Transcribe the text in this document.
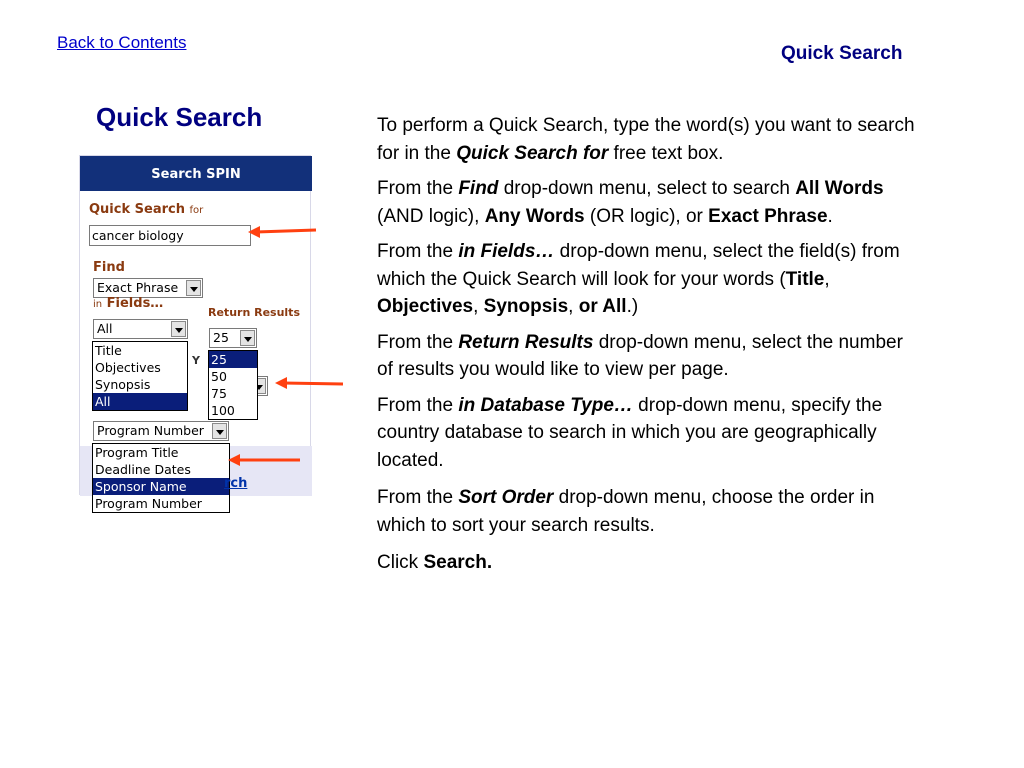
Back to Contents
Quick Search
Quick Search
Search SPIN
Quick Search for
cancer biology
Find
Exact Phrase
in Fields…
Return Results
All
25
Title
Objectives
Synopsis
All
Y 25
50
75
100
Program Number
Program Title
Deadline Dates
Sponsor Name
Program Number
rch

To perform a Quick Search, type the word(s) you want to search for in the Quick Search for free text box.

From the Find drop-down menu, select to search All Words (AND logic), Any Words (OR logic), or Exact Phrase.

From the in Fields… drop-down menu, select the field(s) from which the Quick Search will look for your words (Title, Objectives, Synopsis, or All.)

From the Return Results drop-down menu, select the number of results you would like to view per page.

From the in Database Type… drop-down menu, specify the country database to search in which you are geographically located.

From the Sort Order drop-down menu, choose the order in which to sort your search results.

Click Search.
